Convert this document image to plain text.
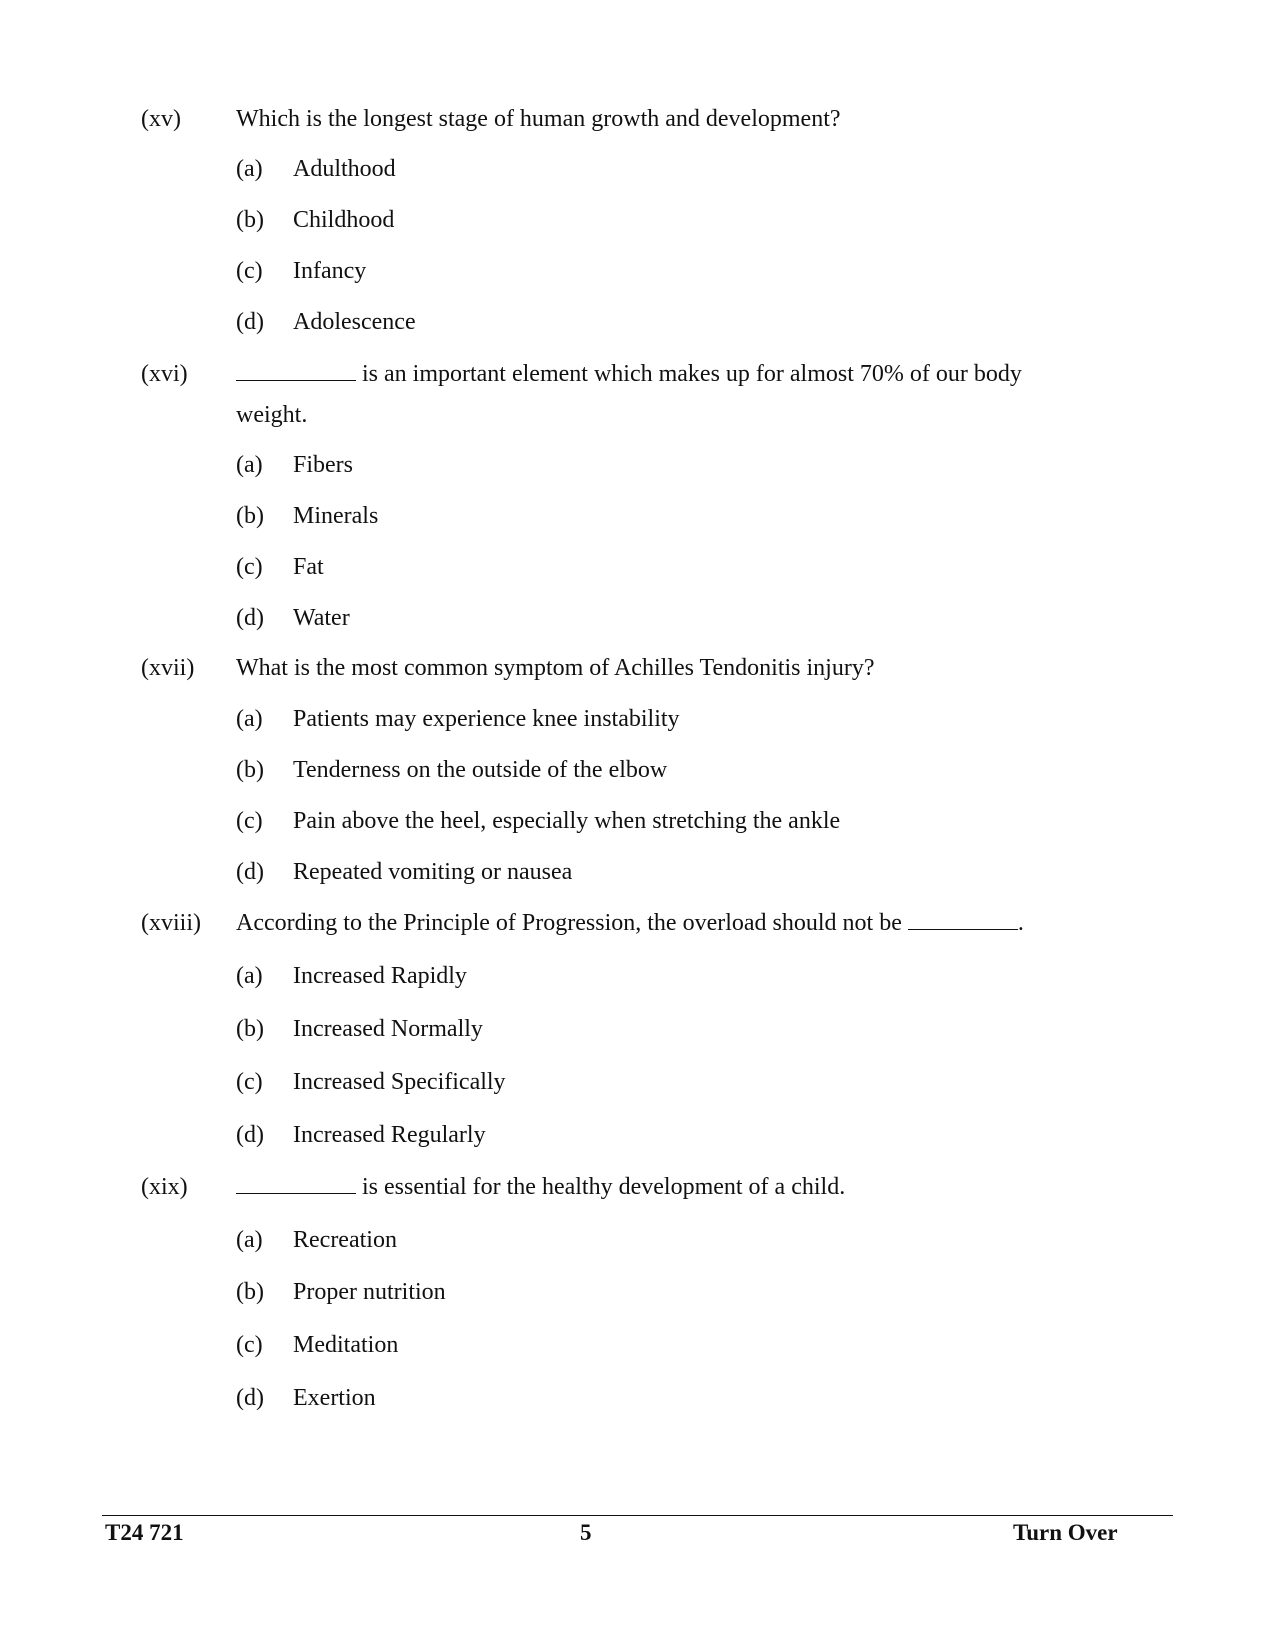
(xv) Which is the longest stage of human growth and development?
(a) Adulthood
(b) Childhood
(c) Infancy
(d) Adolescence
(xvi)	is an important element which makes up for almost 70% of our body
weight.
(a) Fibers
(b) Minerals
(c) Fat
(d) Water
(xvii) What is the most common symptom of Achilles Tendonitis injury?
(a) Patients may experience knee instability
(b) Tenderness on the outside of the elbow
(c) Pain above the heel, especially when stretching the ankle
(d) Repeated vomiting or nausea
(xviii) According to the Principle of Progression, the overload should not be	.
(a) Increased Rapidly
(b) Increased Normally
(c) Increased Specifically
(d) Increased Regularly
(xix)	is essential for the healthy development of a child.
(a) Recreation
(b) Proper nutrition
(c) Meditation
(d) Exertion
T24 721	5	Turn Over
